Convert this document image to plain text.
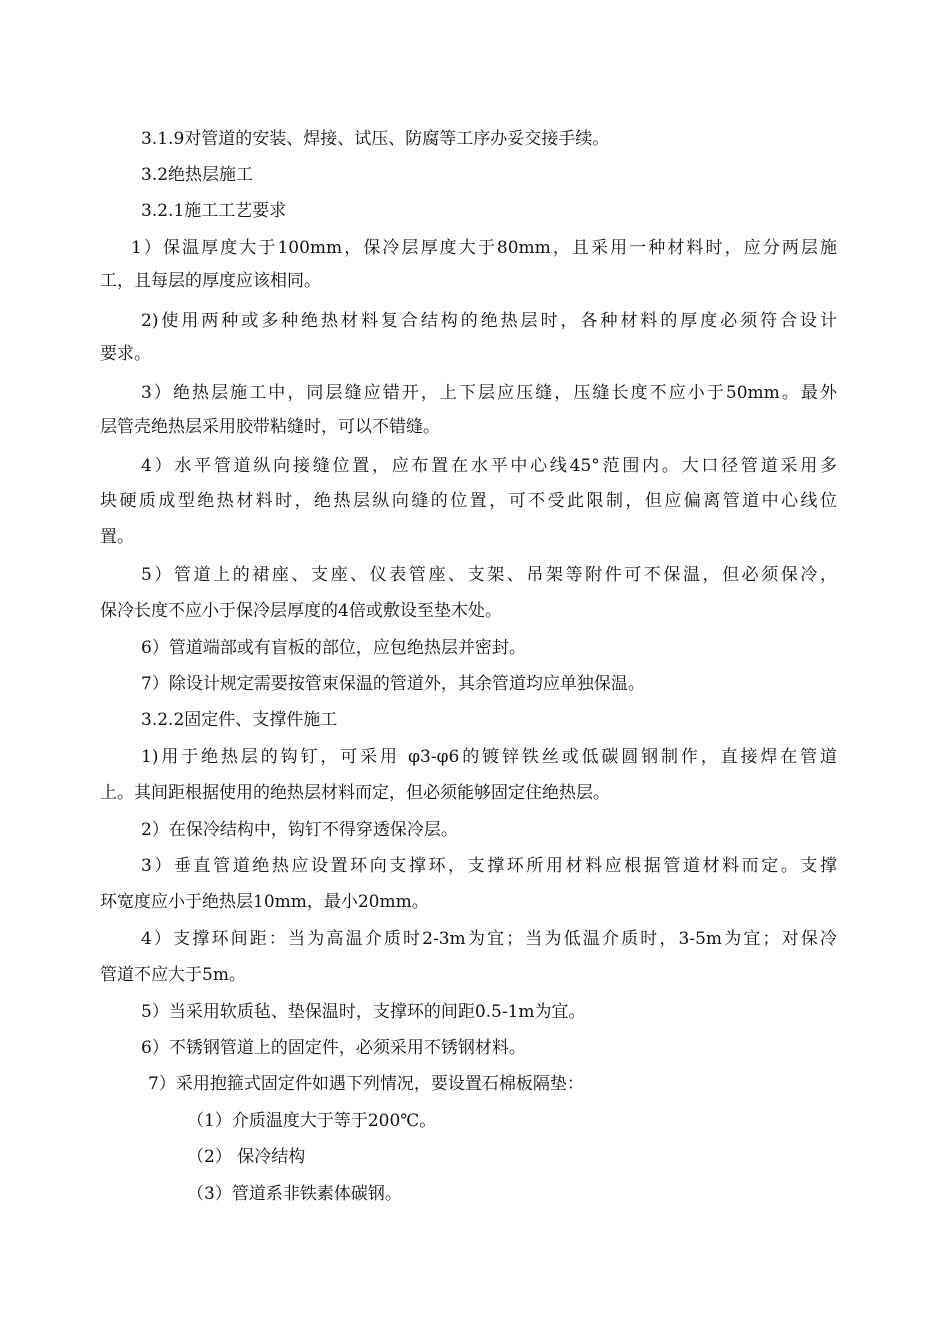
3.1.9对管道的安装、焊接、试压、防腐等工序办妥交接手续。
3.2绝热层施工
3.2.1施工工艺要求
1）保温厚度大于100mm，保冷层厚度大于80mm，且采用一种材料时，应分两层施
工，且每层的厚度应该相同。
2)使用两种或多种绝热材料复合结构的绝热层时，各种材料的厚度必须符合设计
要求。
3）绝热层施工中，同层缝应错开，上下层应压缝，压缝长度不应小于50mm。最外
层管壳绝热层采用胶带粘缝时，可以不错缝。
4）水平管道纵向接缝位置，应布置在水平中心线45°范围内。大口径管道采用多
块硬质成型绝热材料时，绝热层纵向缝的位置，可不受此限制，但应偏离管道中心线位
置。
5）管道上的裙座、支座、仪表管座、支架、吊架等附件可不保温，但必须保冷，
保冷长度不应小于保冷层厚度的4倍或敷设至垫木处。
6）管道端部或有盲板的部位，应包绝热层并密封。
7）除设计规定需要按管束保温的管道外，其余管道均应单独保温。
3.2.2固定件、支撑件施工
1)用于绝热层的钩钉，可采用 φ3-φ6的镀锌铁丝或低碳圆钢制作，直接焊在管道
上。其间距根据使用的绝热层材料而定，但必须能够固定住绝热层。
2）在保冷结构中，钩钉不得穿透保冷层。
3）垂直管道绝热应设置环向支撑环，支撑环所用材料应根据管道材料而定。支撑
环宽度应小于绝热层10mm，最小20mm。
4）支撑环间距：当为高温介质时2-3m为宜；当为低温介质时，3-5m为宜；对保冷
管道不应大于5m。
5）当采用软质毡、垫保温时，支撑环的间距0.5-1m为宜。
6）不锈钢管道上的固定件，必须采用不锈钢材料。
7）采用抱箍式固定件如遇下列情况，要设置石棉板隔垫：
（1）介质温度大于等于200℃。
（2） 保冷结构
（3）管道系非铁素体碳钢。
